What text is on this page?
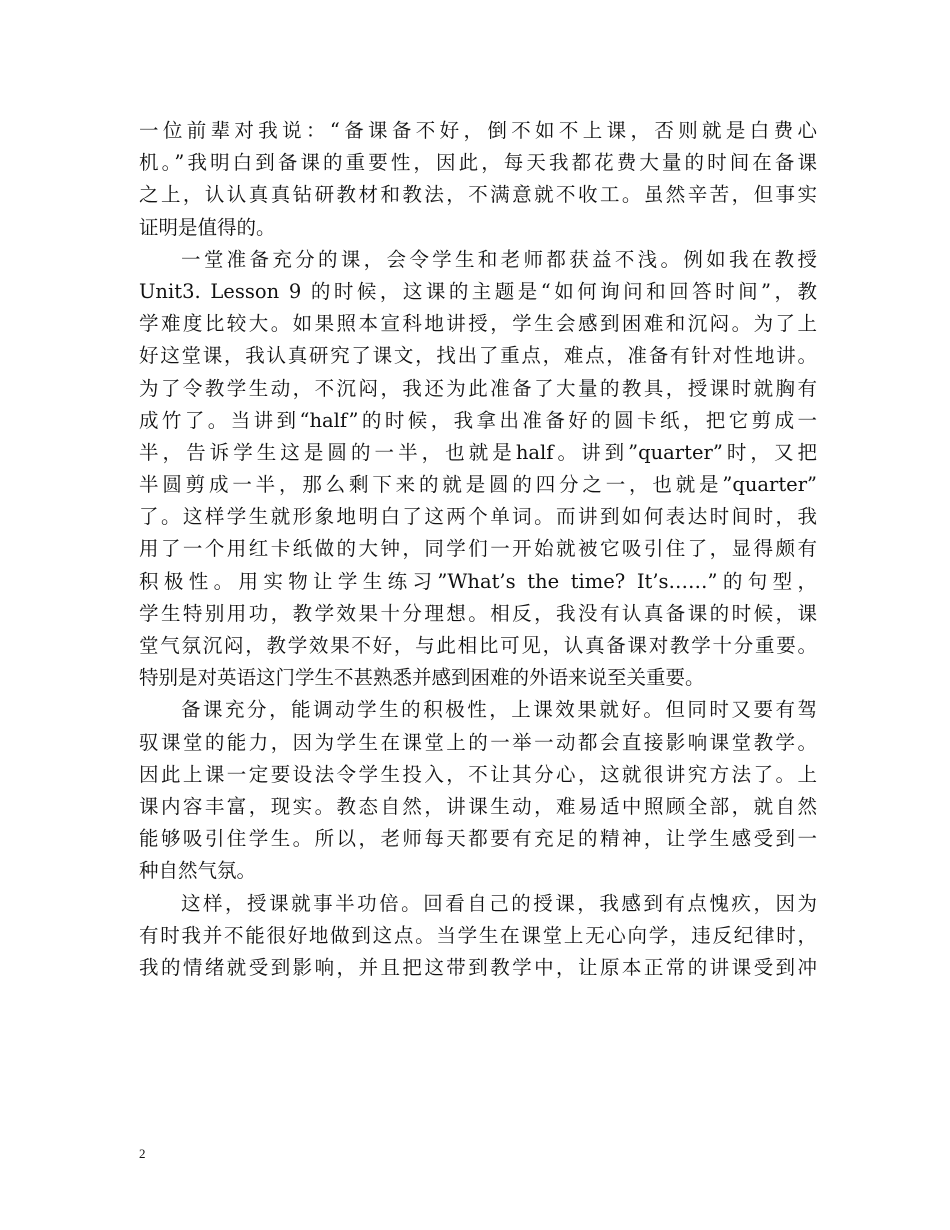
一位前辈对我说：“备课备不好，倒不如不上课，否则就是白费心
机。”我明白到备课的重要性，因此，每天我都花费大量的时间在备课
之上，认认真真钻研教材和教法，不满意就不收工。虽然辛苦，但事实
证明是值得的。
一堂准备充分的课，会令学生和老师都获益不浅。例如我在教授
Unit3. Lesson 9 的时候，这课的主题是“如何询问和回答时间”，教
学难度比较大。如果照本宣科地讲授，学生会感到困难和沉闷。为了上
好这堂课，我认真研究了课文，找出了重点，难点，准备有针对性地讲。
为了令教学生动，不沉闷，我还为此准备了大量的教具，授课时就胸有
成竹了。当讲到“half”的时候，我拿出准备好的圆卡纸，把它剪成一
半，告诉学生这是圆的一半，也就是half。讲到”quarter”时，又把
半圆剪成一半，那么剩下来的就是圆的四分之一，也就是”quarter”
了。这样学生就形象地明白了这两个单词。而讲到如何表达时间时，我
用了一个用红卡纸做的大钟，同学们一开始就被它吸引住了，显得颇有
积极性。用实物让学生练习”What’s the time? It’s……”的句型，
学生特别用功，教学效果十分理想。相反，我没有认真备课的时候，课
堂气氛沉闷，教学效果不好，与此相比可见，认真备课对教学十分重要。
特别是对英语这门学生不甚熟悉并感到困难的外语来说至关重要。
备课充分，能调动学生的积极性，上课效果就好。但同时又要有驾
驭课堂的能力，因为学生在课堂上的一举一动都会直接影响课堂教学。
因此上课一定要设法令学生投入，不让其分心，这就很讲究方法了。上
课内容丰富，现实。教态自然，讲课生动，难易适中照顾全部，就自然
能够吸引住学生。所以，老师每天都要有充足的精神，让学生感受到一
种自然气氛。
这样，授课就事半功倍。回看自己的授课，我感到有点愧疚，因为
有时我并不能很好地做到这点。当学生在课堂上无心向学，违反纪律时，
我的情绪就受到影响，并且把这带到教学中，让原本正常的讲课受到冲
2
